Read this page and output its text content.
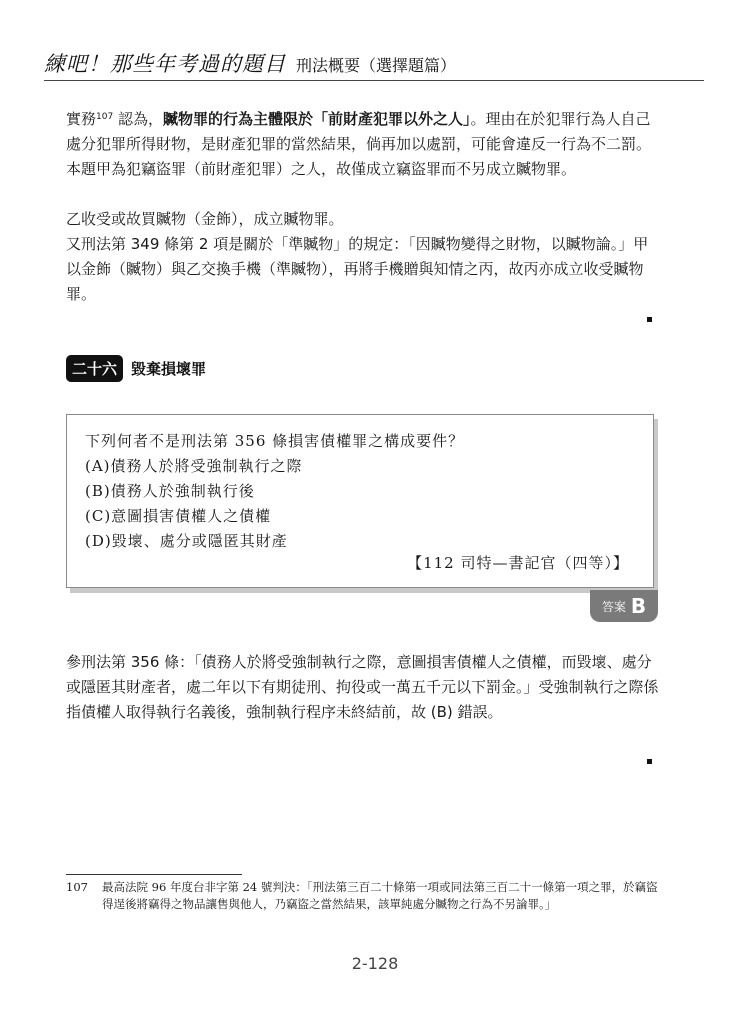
練吧！那些年考過的題目 刑法概要（選擇題篇）

實務$^{107}$ 認為，贓物罪的行為主體限於「前財產犯罪以外之人」。理由在於犯罪行為人自己處分犯罪所得財物，是財產犯罪的當然結果，倘再加以處罰，可能會違反一行為不二罰。本題甲為犯竊盜罪（前財產犯罪）之人，故僅成立竊盜罪而不另成立贓物罪。

乙收受或故買贓物（金飾），成立贓物罪。

又刑法第 349 條第 2 項是關於「準贓物」的規定：「因贓物變得之財物，以贓物論。」甲以金飾（贓物）與乙交換手機（準贓物），再將手機贈與知情之丙，故丙亦成立收受贓物罪。

二十六 毀棄損壞罪
下列何者不是刑法第 356 條損害債權罪之構成要件？
(A)債務人於將受強制執行之際
(B)債務人於強制執行後
(C)意圖損害債權人之債權
(D)毀壞、處分或隱匿其財產
【112 司特—書記官（四等）】
答案 B

參刑法第 356 條：「債務人於將受強制執行之際，意圖損害債權人之債權，而毀壞、處分或隱匿其財產者，處二年以下有期徒刑、拘役或一萬五千元以下罰金。」受強制執行之際係指債權人取得執行名義後，強制執行程序未終結前，故 (B) 錯誤。

107	最高法院 96 年度台非字第 24 號判決：「刑法第三百二十條第一項或同法第三百二十一條第一項之罪，於竊盜得逞後將竊得之物品讓售與他人，乃竊盜之當然結果，該單純處分贓物之行為不另論罪。」
2-128
